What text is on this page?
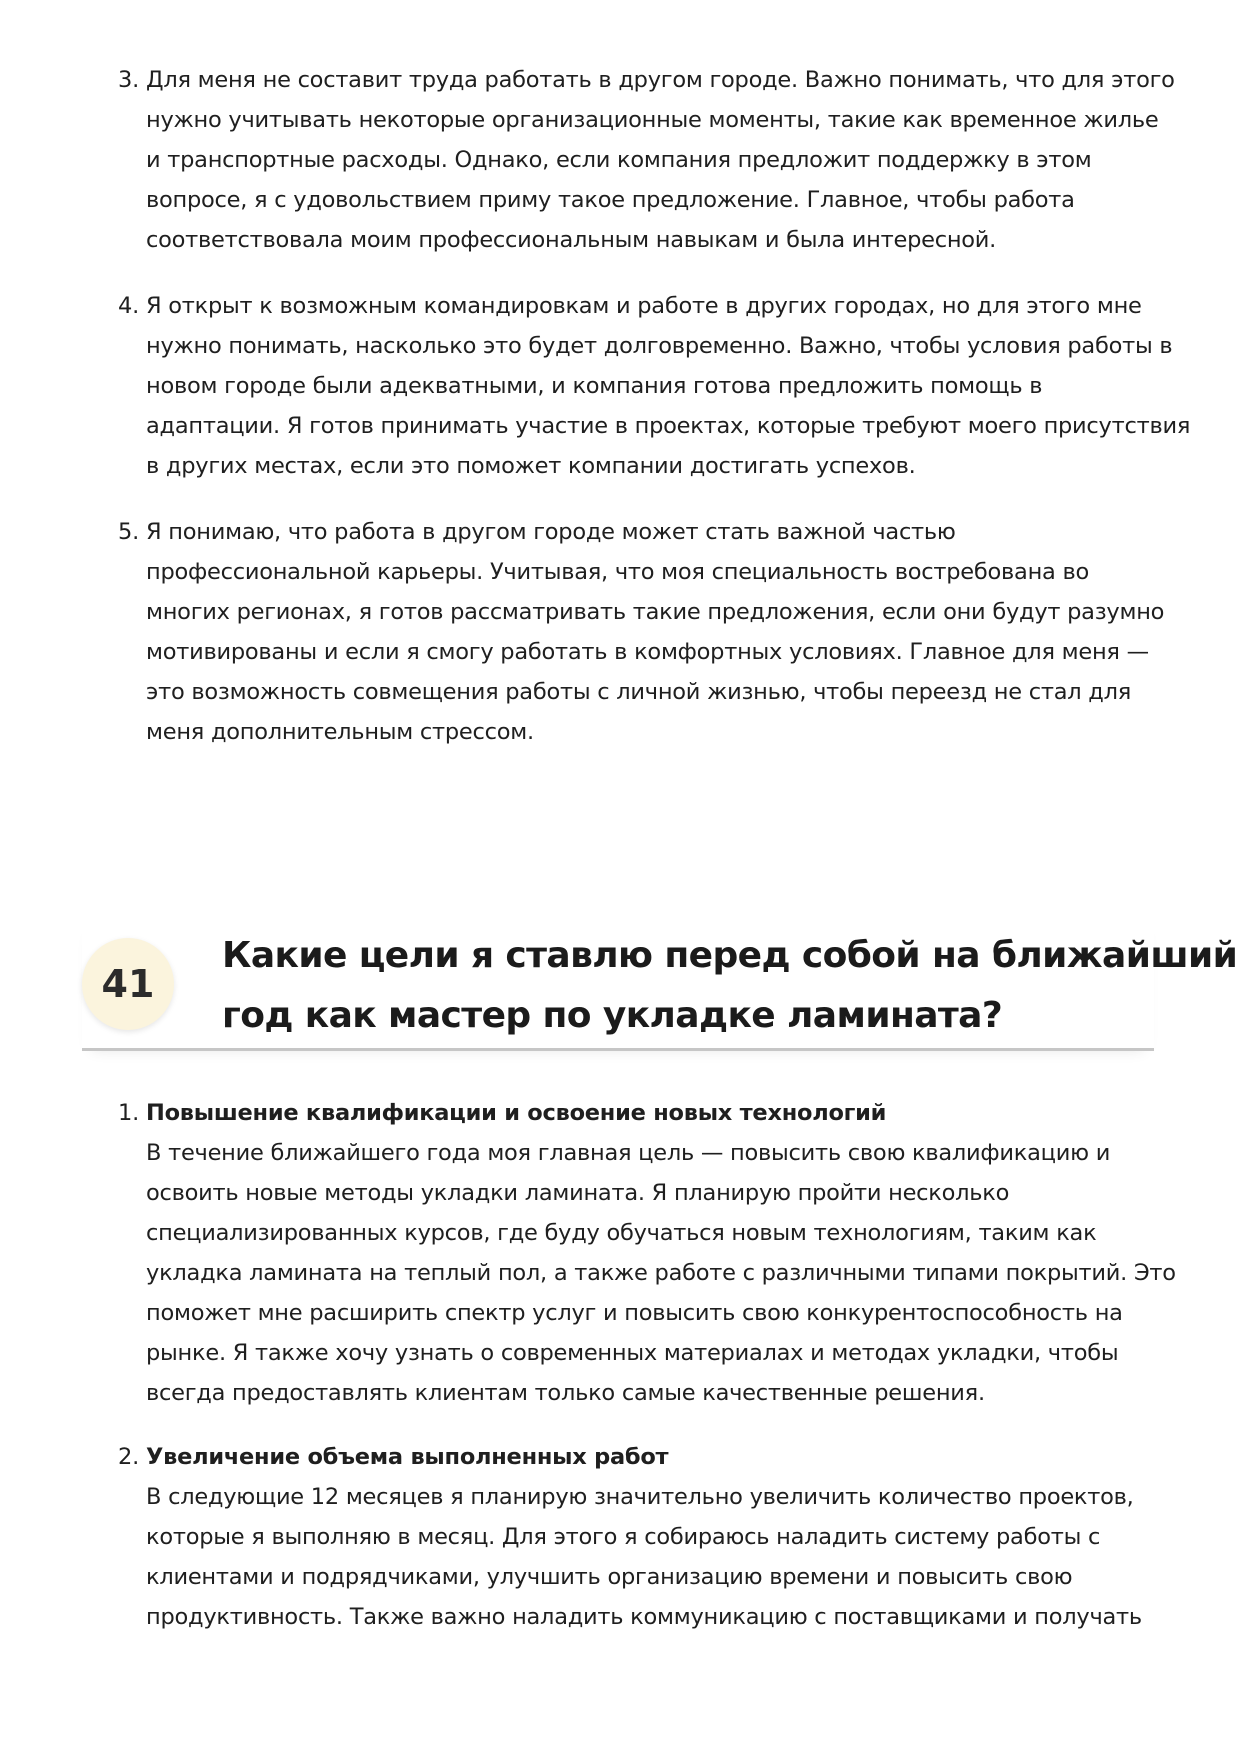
3. Для меня не составит труда работать в другом городе. Важно понимать, что для этого
нужно учитывать некоторые организационные моменты, такие как временное жилье
и транспортные расходы. Однако, если компания предложит поддержку в этом
вопросе, я с удовольствием приму такое предложение. Главное, чтобы работа
соответствовала моим профессиональным навыкам и была интересной.
4. Я открыт к возможным командировкам и работе в других городах, но для этого мне
нужно понимать, насколько это будет долговременно. Важно, чтобы условия работы в
новом городе были адекватными, и компания готова предложить помощь в
адаптации. Я готов принимать участие в проектах, которые требуют моего присутствия
в других местах, если это поможет компании достигать успехов.
5. Я понимаю, что работа в другом городе может стать важной частью
профессиональной карьеры. Учитывая, что моя специальность востребована во
многих регионах, я готов рассматривать такие предложения, если они будут разумно
мотивированы и если я смогу работать в комфортных условиях. Главное для меня —
это возможность совмещения работы с личной жизнью, чтобы переезд не стал для
меня дополнительным стрессом.
41
Какие цели я ставлю перед собой на ближайший
год как мастер по укладке ламината?
1. Повышение квалификации и освоение новых технологий
В течение ближайшего года моя главная цель — повысить свою квалификацию и
освоить новые методы укладки ламината. Я планирую пройти несколько
специализированных курсов, где буду обучаться новым технологиям, таким как
укладка ламината на теплый пол, а также работе с различными типами покрытий. Это
поможет мне расширить спектр услуг и повысить свою конкурентоспособность на
рынке. Я также хочу узнать о современных материалах и методах укладки, чтобы
всегда предоставлять клиентам только самые качественные решения.
2. Увеличение объема выполненных работ
В следующие 12 месяцев я планирую значительно увеличить количество проектов,
которые я выполняю в месяц. Для этого я собираюсь наладить систему работы с
клиентами и подрядчиками, улучшить организацию времени и повысить свою
продуктивность. Также важно наладить коммуникацию с поставщиками и получать
